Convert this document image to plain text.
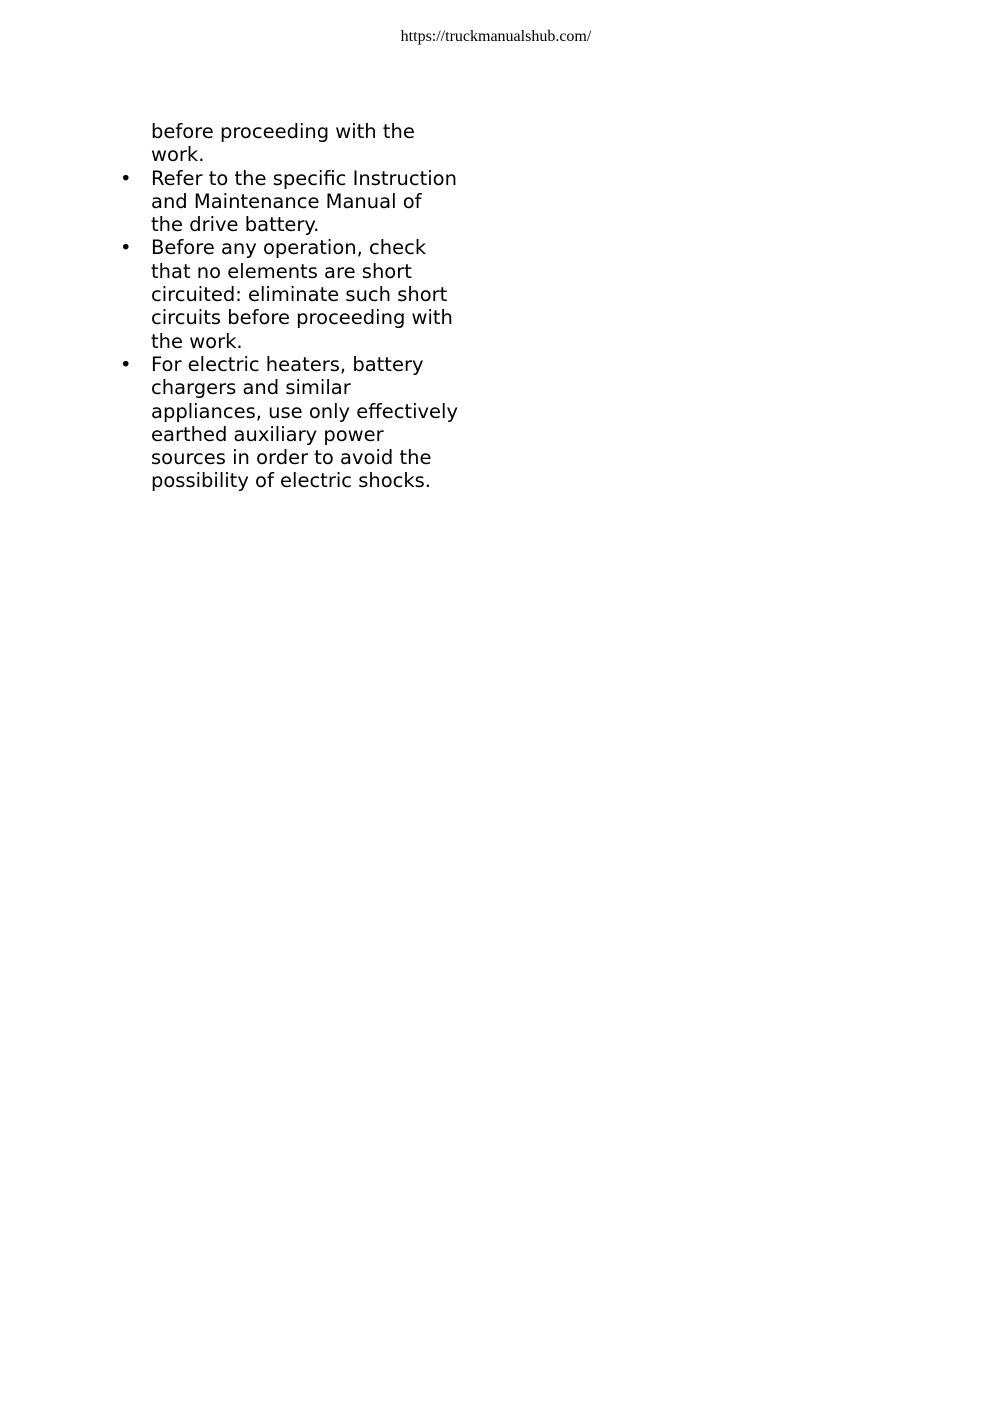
https://truckmanualshub.com/

before proceeding with the
work.

• Refer to the specific Instruction
and Maintenance Manual of
the drive battery.
• Before any operation, check
that no elements are short
circuited: eliminate such short
circuits before proceeding with
the work.
• For electric heaters, battery
chargers and similar
appliances, use only effectively
earthed auxiliary power
sources in order to avoid the
possibility of electric shocks.
